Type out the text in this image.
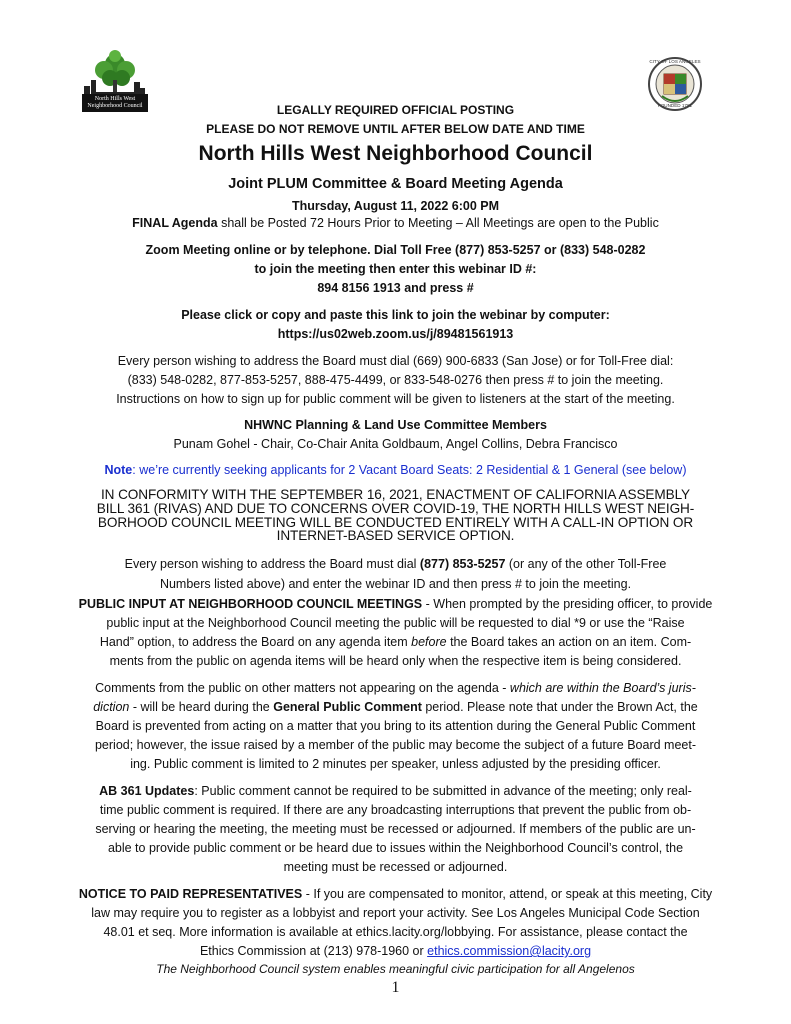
North Hills West
Neighborhood Council
CITY OF LOS ANGELES
FOUNDED 1781
LEGALLY REQUIRED OFFICIAL POSTING
PLEASE DO NOT REMOVE UNTIL AFTER BELOW DATE AND TIME
North Hills West Neighborhood Council
Joint PLUM Committee & Board Meeting Agenda
Thursday, August 11, 2022 6:00 PM
FINAL Agenda shall be Posted 72 Hours Prior to Meeting – All Meetings are open to the Public
Zoom Meeting online or by telephone. Dial Toll Free (877) 853-5257 or (833) 548-0282
to join the meeting then enter this webinar ID #:
894 8156 1913 and press #
Please click or copy and paste this link to join the webinar by computer:
https://us02web.zoom.us/j/89481561913
Every person wishing to address the Board must dial (669) 900-6833 (San Jose) or for Toll-Free dial:
(833) 548-0282, 877-853-5257, 888-475-4499, or 833-548-0276 then press # to join the meeting.
Instructions on how to sign up for public comment will be given to listeners at the start of the meeting.
NHWNC Planning & Land Use Committee Members
Punam Gohel - Chair, Co-Chair Anita Goldbaum, Angel Collins, Debra Francisco
Note: we’re currently seeking applicants for 2 Vacant Board Seats: 2 Residential & 1 General (see below)
IN CONFORMITY WITH THE SEPTEMBER 16, 2021, ENACTMENT OF CALIFORNIA ASSEMBLY
BILL 361 (RIVAS) AND DUE TO CONCERNS OVER COVID-19, THE NORTH HILLS WEST NEIGH-
BORHOOD COUNCIL MEETING WILL BE CONDUCTED ENTIRELY WITH A CALL-IN OPTION OR
INTERNET-BASED SERVICE OPTION.
Every person wishing to address the Board must dial (877) 853-5257 (or any of the other Toll-Free
Numbers listed above) and enter the webinar ID and then press # to join the meeting.
PUBLIC INPUT AT NEIGHBORHOOD COUNCIL MEETINGS - When prompted by the presiding officer, to provide
public input at the Neighborhood Council meeting the public will be requested to dial *9 or use the “Raise
Hand” option, to address the Board on any agenda item before the Board takes an action on an item. Com-
ments from the public on agenda items will be heard only when the respective item is being considered.
Comments from the public on other matters not appearing on the agenda - which are within the Board’s juris-
diction - will be heard during the General Public Comment period. Please note that under the Brown Act, the
Board is prevented from acting on a matter that you bring to its attention during the General Public Comment
period; however, the issue raised by a member of the public may become the subject of a future Board meet-
ing. Public comment is limited to 2 minutes per speaker, unless adjusted by the presiding officer.
AB 361 Updates: Public comment cannot be required to be submitted in advance of the meeting; only real-
time public comment is required. If there are any broadcasting interruptions that prevent the public from ob-
serving or hearing the meeting, the meeting must be recessed or adjourned. If members of the public are un-
able to provide public comment or be heard due to issues within the Neighborhood Council’s control, the
meeting must be recessed or adjourned.
NOTICE TO PAID REPRESENTATIVES - If you are compensated to monitor, attend, or speak at this meeting, City
law may require you to register as a lobbyist and report your activity. See Los Angeles Municipal Code Section
48.01 et seq. More information is available at ethics.lacity.org/lobbying. For assistance, please contact the
Ethics Commission at (213) 978-1960 or ethics.commission@lacity.org
The Neighborhood Council system enables meaningful civic participation for all Angelenos
1
